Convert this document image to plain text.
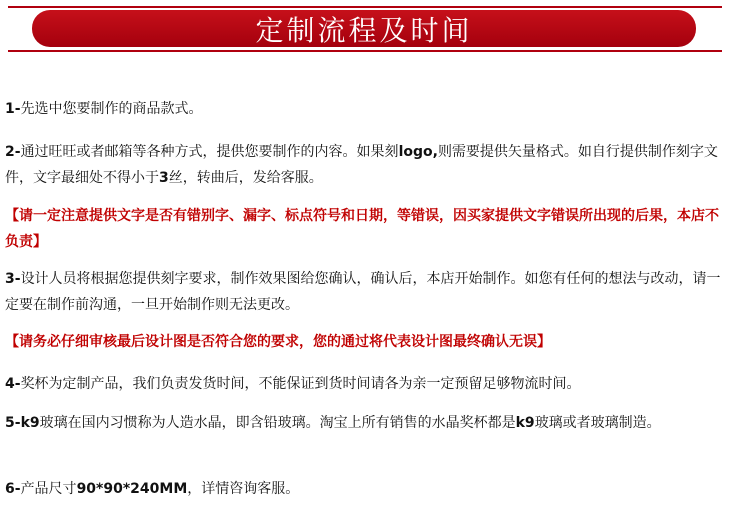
定制流程及时间
1-先选中您要制作的商品款式。
2-通过旺旺或者邮箱等各种方式，提供您要制作的内容。如果刻logo,则需要提供矢量格式。如自行提供制作刻字文件，文字最细处不得小于3丝，转曲后，发给客服。
【请一定注意提供文字是否有错别字、漏字、标点符号和日期，等错误，因买家提供文字错误所出现的后果，本店不负责】
3-设计人员将根据您提供刻字要求，制作效果图给您确认，确认后，本店开始制作。如您有任何的想法与改动，请一定要在制作前沟通，一旦开始制作则无法更改。
【请务必仔细审核最后设计图是否符合您的要求，您的通过将代表设计图最终确认无误】
4-奖杯为定制产品，我们负责发货时间，不能保证到货时间请各为亲一定预留足够物流时间。
5-k9玻璃在国内习惯称为人造水晶，即含铅玻璃。淘宝上所有销售的水晶奖杯都是k9玻璃或者玻璃制造。
6-产品尺寸90*90*240MM，详情咨询客服。
